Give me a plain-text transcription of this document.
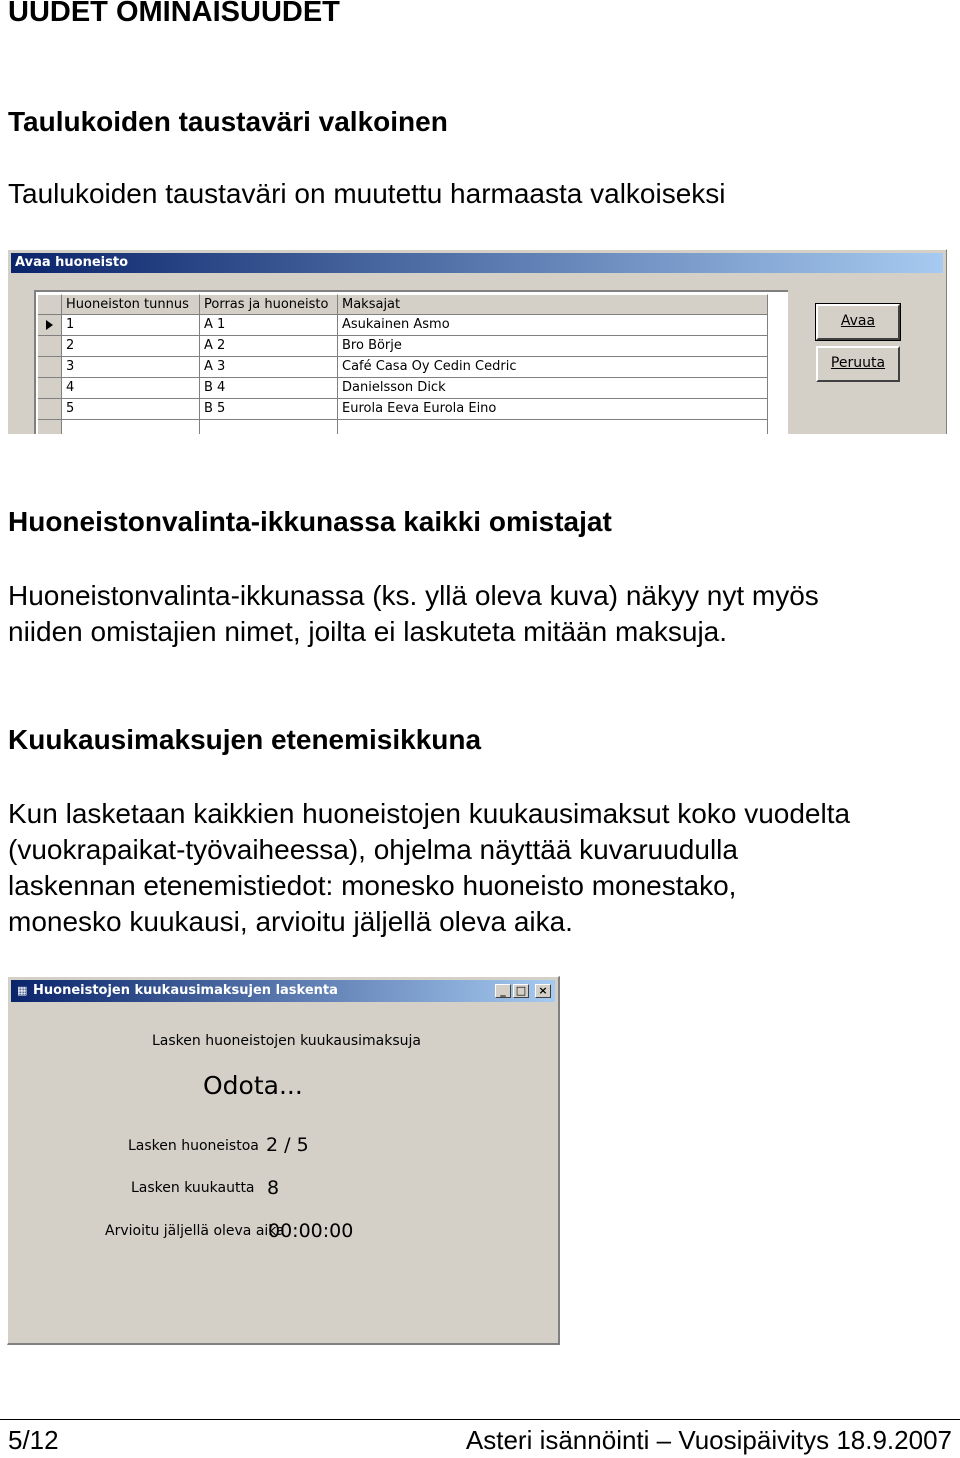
UUDET OMINAISUUDET
Taulukoiden taustaväri valkoinen
Taulukoiden taustaväri on muutettu harmaasta valkoiseksi
Avaa huoneisto
Huoneiston tunnus	Porras ja huoneisto	Maksajat
1	A 1	Asukainen Asmo
2	A 2	Bro Börje
3	A 3	Café Casa Oy Cedin Cedric
4	B 4	Danielsson Dick
5	B 5	Eurola Eeva Eurola Eino
Avaa
Peruuta
Huoneistonvalinta-ikkunassa kaikki omistajat
Huoneistonvalinta-ikkunassa (ks. yllä oleva kuva) näkyy nyt myös
niiden omistajien nimet, joilta ei laskuteta mitään maksuja.
Kuukausimaksujen etenemisikkuna
Kun lasketaan kaikkien huoneistojen kuukausimaksut koko vuodelta
(vuokrapaikat-työvaiheessa), ohjelma näyttää kuvaruudulla
laskennan etenemistiedot: monesko huoneisto monestako,
monesko kuukausi, arvioitu jäljellä oleva aika.
▦ Huoneistojen kuukausimaksujen laskenta	_ □	×
Lasken huoneistojen kuukausimaksuja
Odota...
Lasken huoneistoa 2 / 5
Lasken kuukautta 8
Arvioitu jäljellä oleva aika
00:00:00
5/12	Asteri isännöinti – Vuosipäivitys 18.9.2007
